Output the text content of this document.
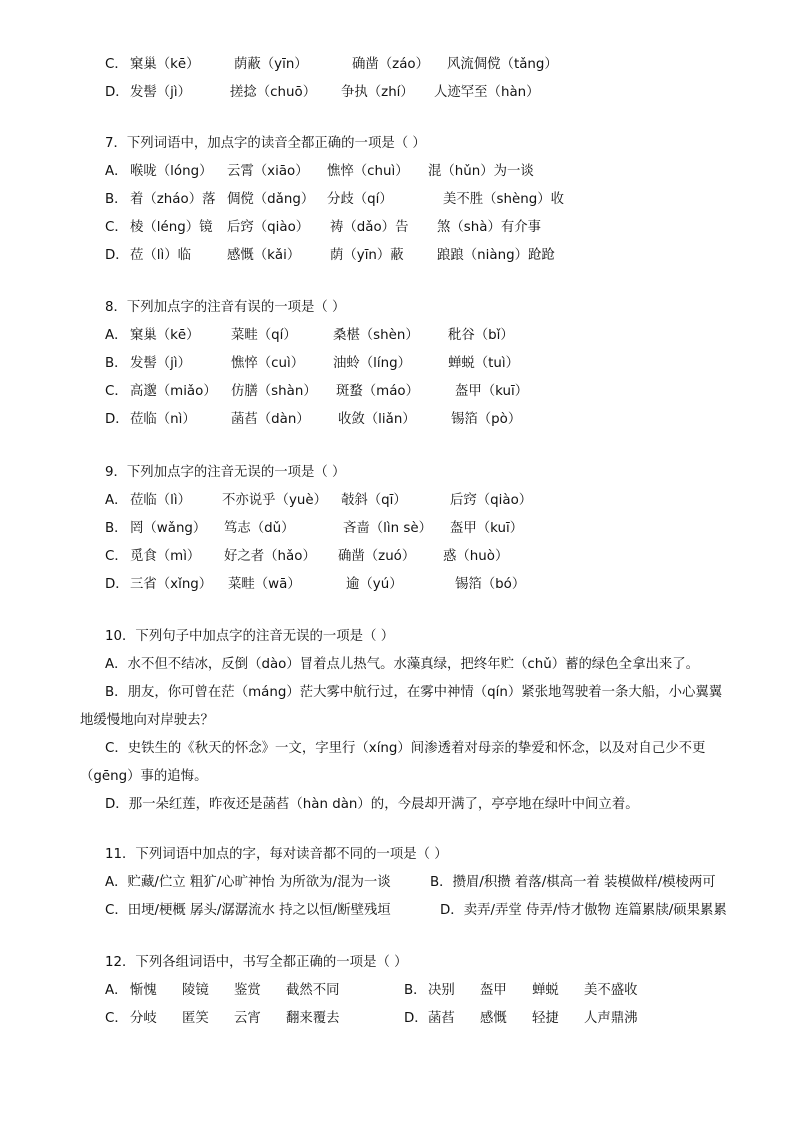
C． 窠巢（kē）	荫蔽（yīn）	确凿（záo） 风流倜傥（tǎng）
D． 发髻（jì）	搓捻（chuō） 争执（zhí） 人迹罕至（hàn）
7．下列词语中，加点字的读音全都正确的一项是（ ）
A． 喉咙（lóng） 云霄（xiāo） 憔悴（chuì） 混（hǔn）为一谈
B． 着（zháo）落 倜傥（dǎng） 分歧（qí）	美不胜（shèng）收
C． 棱（léng）镜 后窍（qiào） 祷（dǎo）告 煞（shà）有介事
D． 莅（lì）临	感慨（kǎi） 荫（yīn）蔽 踉踉（niàng）跄跄
8．下列加点字的注音有误的一项是（ ）
A． 窠巢（kē） 菜畦（qí）	桑椹（shèn） 秕谷（bǐ）
B． 发髻（jì）	憔悴（cuì） 油蛉（líng）	蝉蜕（tuì）
C． 高邈（miǎo） 仿膳（shàn） 斑蝥（máo）	盔甲（kuī）
D． 莅临（nì）	菡萏（dàn） 收敛（liǎn）	锡箔（pò）
9．下列加点字的注音无误的一项是（ ）
A． 莅临（lì） 不亦说乎（yuè） 攲斜（qī）	后窍（qiào）
B． 罔（wǎng） 笃志（dǔ）	吝啬（lìn sè） 盔甲（kuī）
C． 觅食（mì） 好之者（hǎo） 确凿（zuó） 惑（huò）
D． 三省（xǐng） 菜畦（wā）	逾（yú）	锡箔（bó）
10．下列句子中加点字的注音无误的一项是（ ）
A．水不但不结冰，反倒（dào）冒着点儿热气。水藻真绿，把终年贮（chǔ）蓄的绿色全拿出来了。
B．朋友，你可曾在茫（máng）茫大雾中航行过，在雾中神情（qín）紧张地驾驶着一条大船，小心翼翼
地缓慢地向对岸驶去？
C．史铁生的《秋天的怀念》一文，字里行（xíng）间渗透着对母亲的挚爱和怀念，以及对自己少不更
（gēng）事的追悔。
D．那一朵红莲，昨夜还是菡萏（hàn dàn）的，今晨却开满了，亭亭地在绿叶中间立着。
11．下列词语中加点的字，每对读音都不同的一项是（ ）
A．贮藏/伫立 粗犷/心旷神怡 为所欲为/混为一谈	B．攒眉/积攒 着落/棋高一着 装模做样/模棱两可
C．田埂/梗概 孱头/潺潺流水 持之以恒/断壁残垣	D．卖弄/弄堂 侍弄/恃才傲物 连篇累牍/硕果累累
12．下列各组词语中，书写全都正确的一项是（ ）
A． 惭愧 陵镜 鉴赏 截然不同	B． 决别 盔甲 蝉蜕 美不盛收
C． 分岐 匿笑 云宵 翻来覆去	D． 菡萏 感慨 轻捷 人声鼎沸
